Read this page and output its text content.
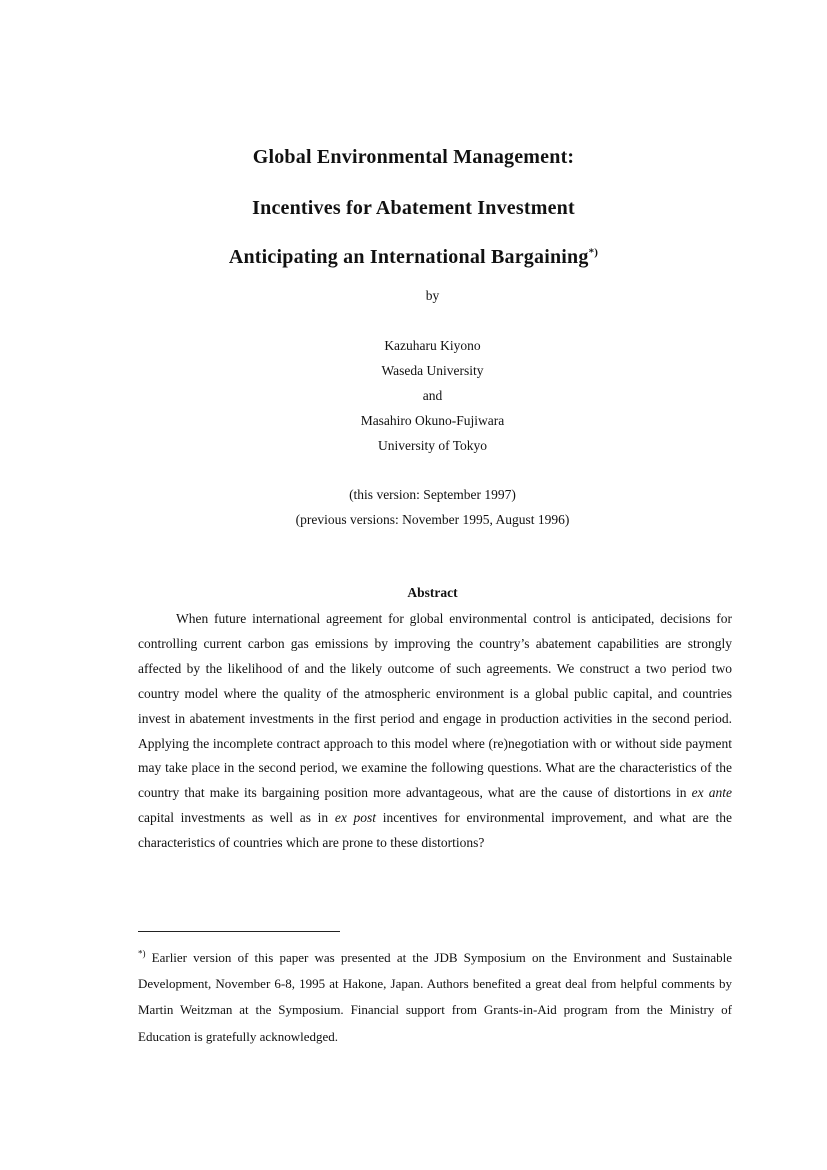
Global Environmental Management:
Incentives for Abatement Investment
Anticipating an International Bargaining*)
by
Kazuharu Kiyono
Waseda University
and
Masahiro Okuno-Fujiwara
University of Tokyo
(this version: September 1997)
(previous versions: November 1995, August 1996)
Abstract
When future international agreement for global environmental control is anticipated, decisions for controlling current carbon gas emissions by improving the country’s abatement capabilities are strongly affected by the likelihood of and the likely outcome of such agreements. We construct a two period two country model where the quality of the atmospheric environment is a global public capital, and countries invest in abatement investments in the first period and engage in production activities in the second period. Applying the incomplete contract approach to this model where (re)negotiation with or without side payment may take place in the second period, we examine the following questions. What are the characteristics of the country that make its bargaining position more advantageous, what are the cause of distortions in ex ante capital investments as well as in ex post incentives for environmental improvement, and what are the characteristics of countries which are prone to these distortions?
*) Earlier version of this paper was presented at the JDB Symposium on the Environment and Sustainable Development, November 6-8, 1995 at Hakone, Japan. Authors benefited a great deal from helpful comments by Martin Weitzman at the Symposium. Financial support from Grants-in-Aid program from the Ministry of Education is gratefully acknowledged.
